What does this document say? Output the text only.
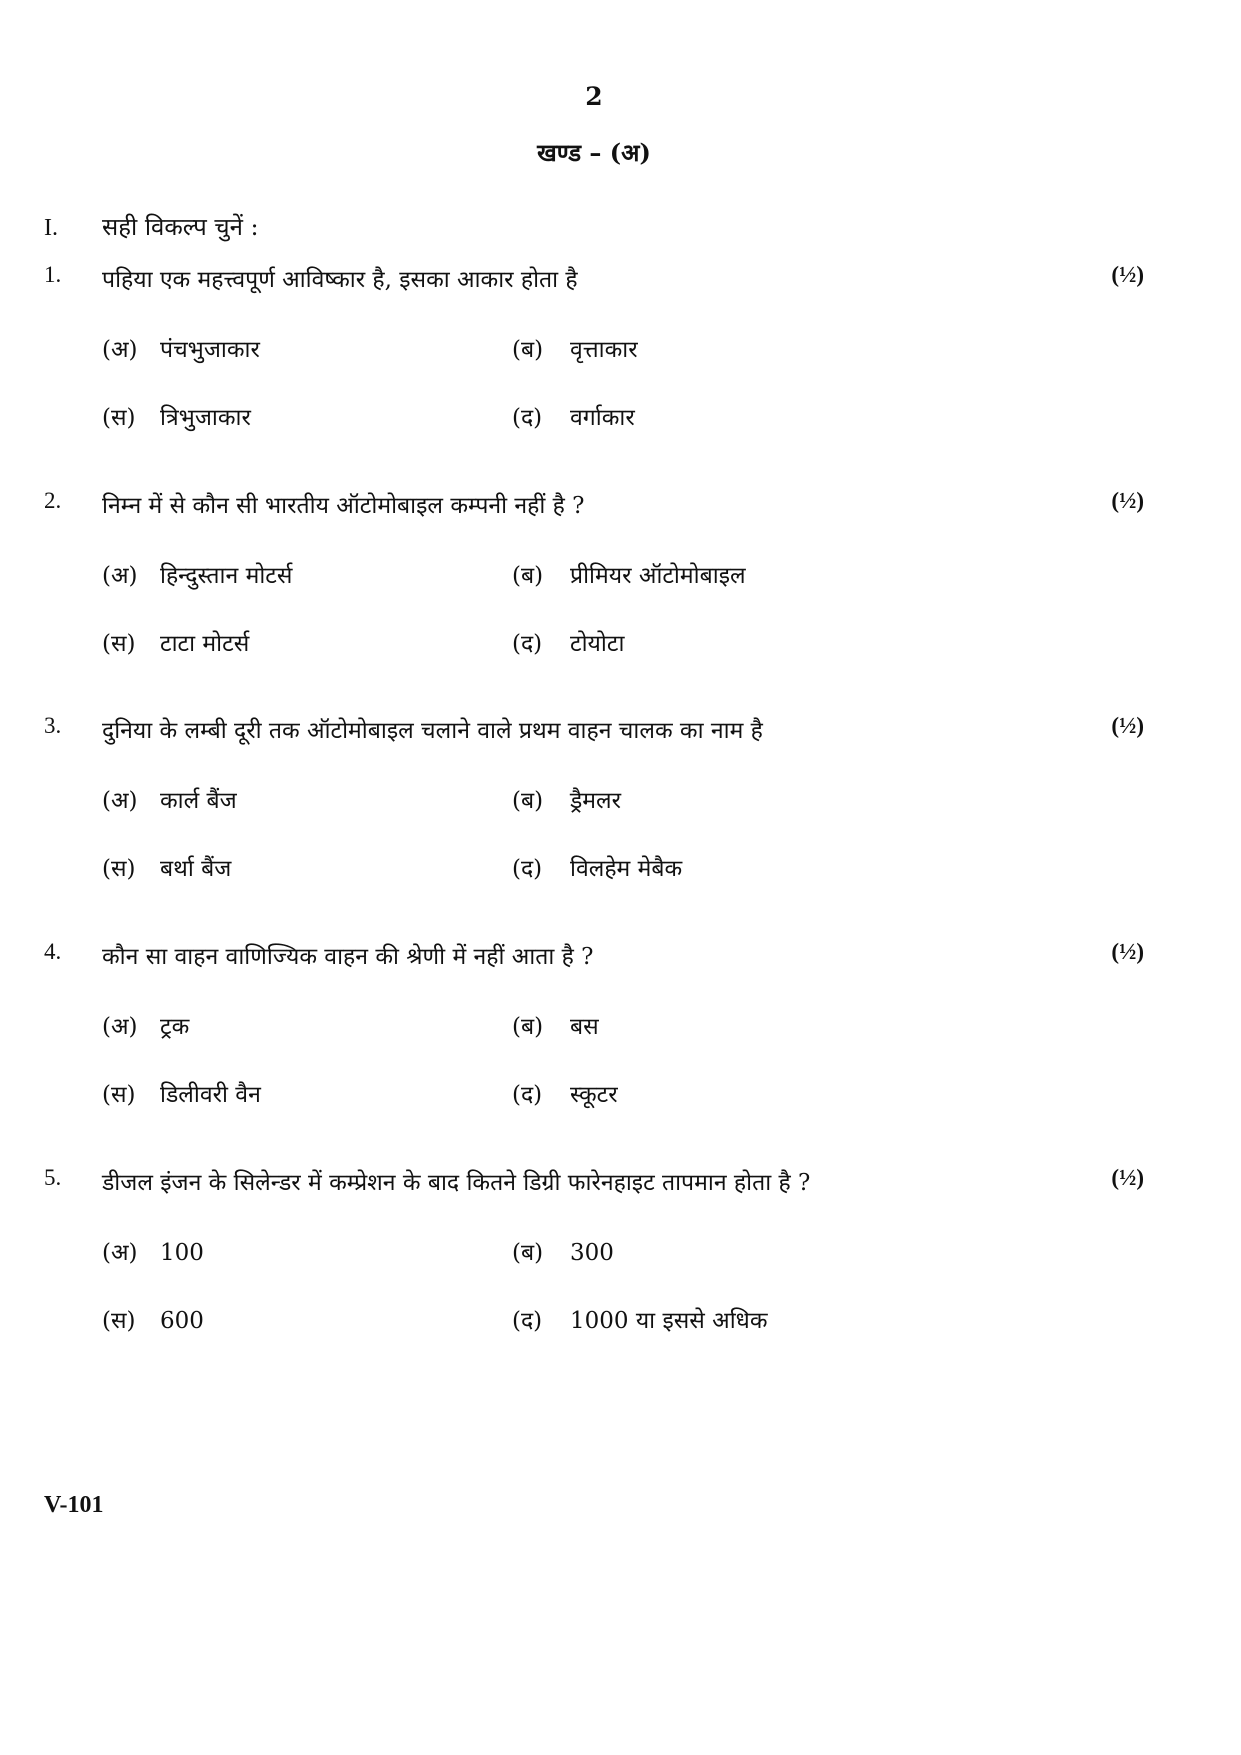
2
खण्ड – (अ)
I. सही विकल्प चुनें :
1. पहिया एक महत्त्वपूर्ण आविष्कार है, इसका आकार होता है	(½)
(अ) पंचभुजाकार	(ब) वृत्ताकार
(स) त्रिभुजाकार	(द) वर्गाकार
2. निम्न में से कौन सी भारतीय ऑटोमोबाइल कम्पनी नहीं है ?	(½)
(अ) हिन्दुस्तान मोटर्स	(ब) प्रीमियर ऑटोमोबाइल
(स) टाटा मोटर्स	(द) टोयोटा
3. दुनिया के लम्बी दूरी तक ऑटोमोबाइल चलाने वाले प्रथम वाहन चालक का नाम है	(½)
(अ) कार्ल बैंज	(ब) ड्रैमलर
(स) बर्था बैंज	(द) विलहेम मेबैक
4. कौन सा वाहन वाणिज्यिक वाहन की श्रेणी में नहीं आता है ?	(½)
(अ) ट्रक	(ब) बस
(स) डिलीवरी वैन	(द) स्कूटर
5. डीजल इंजन के सिलेन्डर में कम्प्रेशन के बाद कितने डिग्री फारेनहाइट तापमान होता है ?	(½)
(अ) 100	(ब) 300
(स) 600	(द) 1000 या इससे अधिक
V-101
